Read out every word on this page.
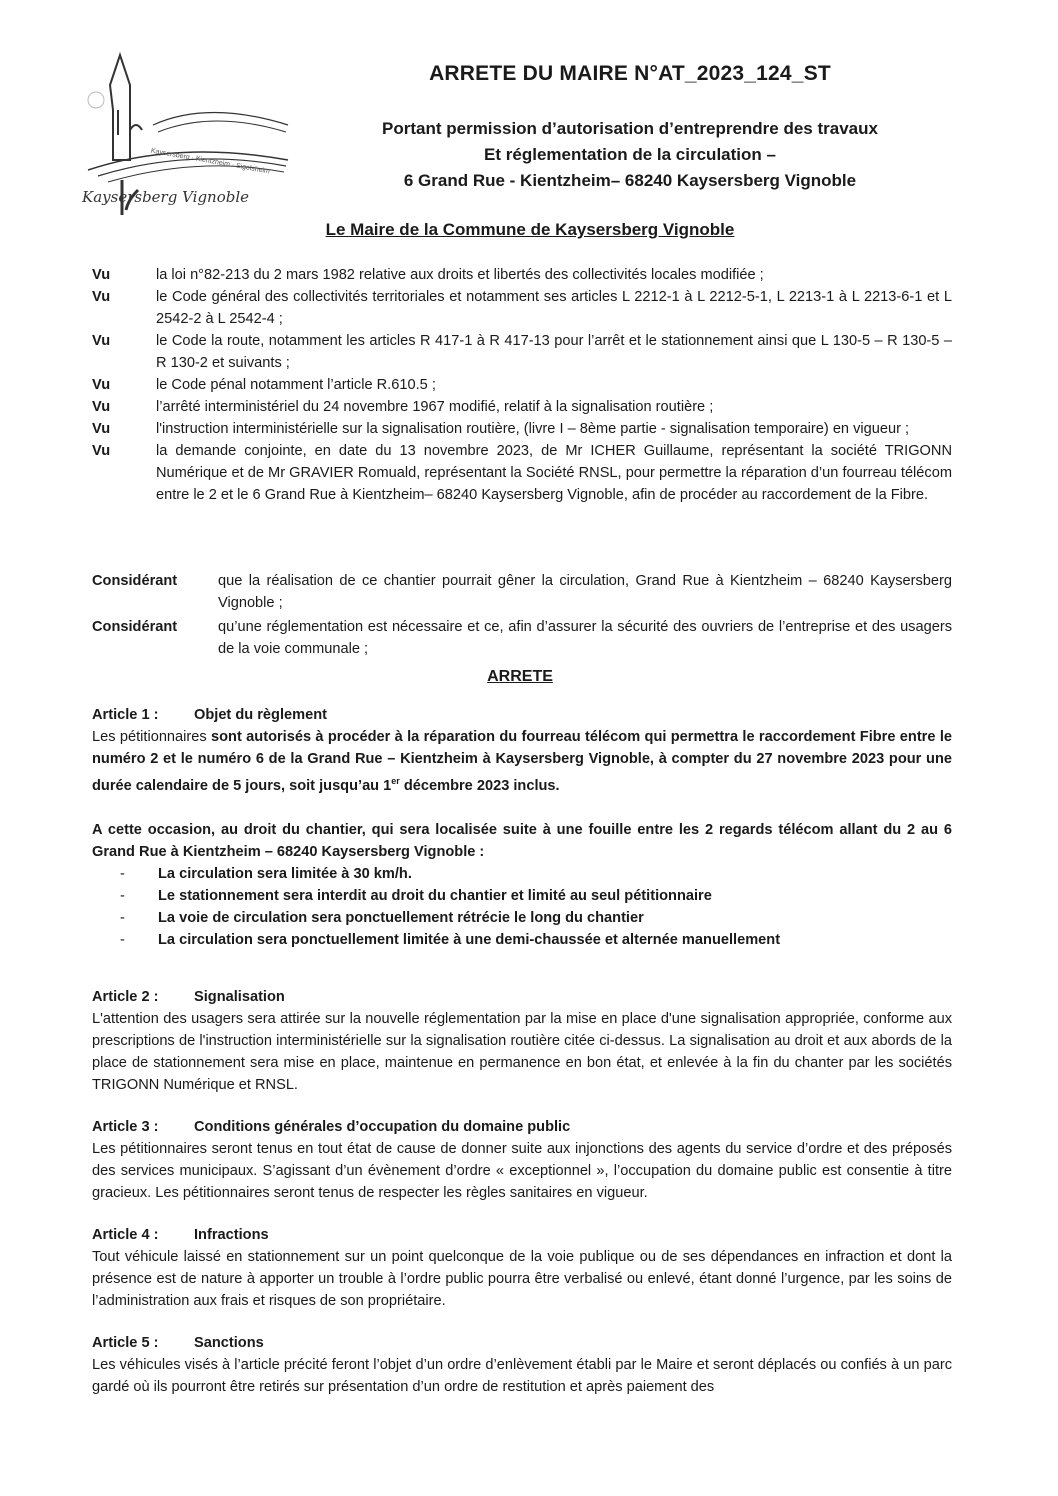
Kaysersberg Vignoble
Kaysersberg · Kientzheim · Sigolsheim
ARRETE DU MAIRE N°AT_2023_124_ST
Portant permission d’autorisation d’entreprendre des travaux
Et réglementation de la circulation –
6 Grand Rue - Kientzheim– 68240 Kaysersberg Vignoble
Le Maire de la Commune de Kaysersberg Vignoble
Vu	la loi n°82-213 du 2 mars 1982 relative aux droits et libertés des collectivités locales modifiée ;
Vu	le Code général des collectivités territoriales et notamment ses articles L 2212-1 à L 2212-5-1, L 2213-1 à L 2213-6-1 et L 2542-2 à L 2542-4 ;
Vu	le Code la route, notamment les articles R 417-1 à R 417-13 pour l’arrêt et le stationnement ainsi que L 130-5 – R 130-5 – R 130-2 et suivants ;
Vu	le Code pénal notamment l’article R.610.5 ;
Vu	l’arrêté interministériel du 24 novembre 1967 modifié, relatif à la signalisation routière ;
Vu	l'instruction interministérielle sur la signalisation routière, (livre I – 8ème partie - signalisation temporaire) en vigueur ;
Vu	la demande conjointe, en date du 13 novembre 2023, de Mr ICHER Guillaume, représentant la société TRIGONN Numérique et de Mr GRAVIER Romuald, représentant la Société RNSL, pour permettre la réparation d’un fourreau télécom entre le 2 et le 6 Grand Rue à Kientzheim– 68240 Kaysersberg Vignoble, afin de procéder au raccordement de la Fibre.
Considérant	que la réalisation de ce chantier pourrait gêner la circulation, Grand Rue à Kientzheim – 68240 Kaysersberg Vignoble ;
Considérant	qu’une réglementation est nécessaire et ce, afin d’assurer la sécurité des ouvriers de l’entreprise et des usagers de la voie communale ;
ARRETE
Article 1 :	Objet du règlement
Les pétitionnaires sont autorisés à procéder à la réparation du fourreau télécom qui permettra le raccordement Fibre entre le numéro 2 et le numéro 6 de la Grand Rue – Kientzheim à Kaysersberg Vignoble, à compter du 27 novembre 2023 pour une durée calendaire de 5 jours, soit jusqu’au 1er décembre 2023 inclus.
A cette occasion, au droit du chantier, qui sera localisée suite à une fouille entre les 2 regards télécom allant du 2 au 6 Grand Rue à Kientzheim – 68240 Kaysersberg Vignoble :
-	La circulation sera limitée à 30 km/h.
-	Le stationnement sera interdit au droit du chantier et limité au seul pétitionnaire
-	La voie de circulation sera ponctuellement rétrécie le long du chantier
-	La circulation sera ponctuellement limitée à une demi-chaussée et alternée manuellement
Article 2 :	Signalisation
L'attention des usagers sera attirée sur la nouvelle réglementation par la mise en place d'une signalisation appropriée, conforme aux prescriptions de l'instruction interministérielle sur la signalisation routière citée ci-dessus. La signalisation au droit et aux abords de la place de stationnement sera mise en place, maintenue en permanence en bon état, et enlevée à la fin du chanter par les sociétés TRIGONN Numérique et RNSL.
Article 3 :	Conditions générales d’occupation du domaine public
Les pétitionnaires seront tenus en tout état de cause de donner suite aux injonctions des agents du service d’ordre et des préposés des services municipaux. S’agissant d’un évènement d’ordre « exceptionnel », l’occupation du domaine public est consentie à titre gracieux. Les pétitionnaires seront tenus de respecter les règles sanitaires en vigueur.
Article 4 :	Infractions
Tout véhicule laissé en stationnement sur un point quelconque de la voie publique ou de ses dépendances en infraction et dont la présence est de nature à apporter un trouble à l’ordre public pourra être verbalisé ou enlevé, étant donné l’urgence, par les soins de l’administration aux frais et risques de son propriétaire.
Article 5 :	Sanctions
Les véhicules visés à l’article précité feront l’objet d’un ordre d’enlèvement établi par le Maire et seront déplacés ou confiés à un parc gardé où ils pourront être retirés sur présentation d’un ordre de restitution et après paiement des
